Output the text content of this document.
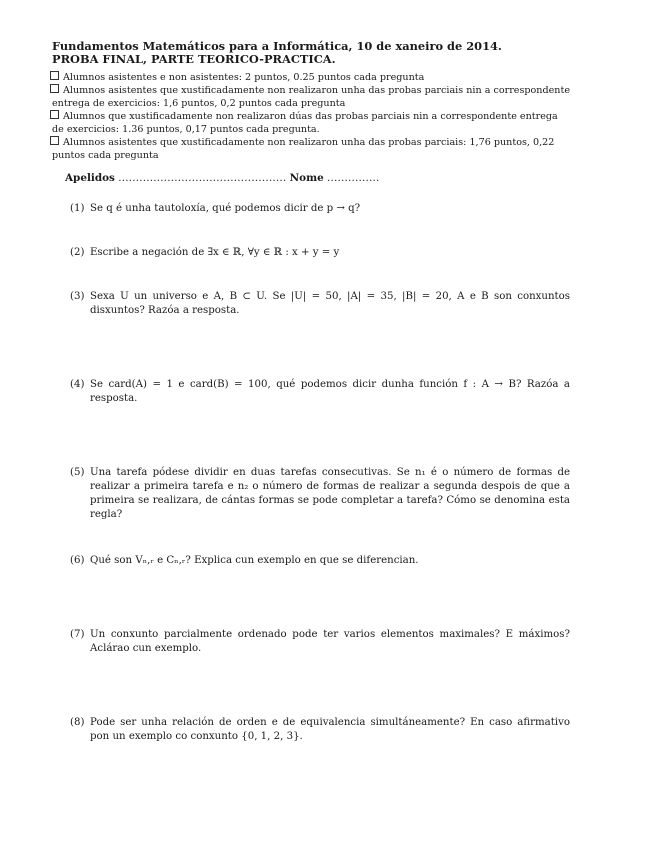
Fundamentos Matemáticos para a Informática, 10 de xaneiro de 2014.
PROBA FINAL, PARTE TEORICO-PRACTICA.
Alumnos asistentes e non asistentes: 2 puntos, 0.25 puntos cada pregunta
Alumnos asistentes que xustificadamente non realizaron unha das probas parciais nin a correspondente entrega de exercicios: 1,6 puntos, 0,2 puntos cada pregunta
Alumnos que xustificadamente non realizaron dúas das probas parciais nin a correspondente entrega de exercicios: 1.36 puntos, 0,17 puntos cada pregunta.
Alumnos asistentes que xustificadamente non realizaron unha das probas parciais: 1,76 puntos, 0,22 puntos cada pregunta
Apelidos ................................................ Nome ...............
(1) Se q é unha tautoloxía, qué podemos dicir de p → q?
(2) Escribe a negación de ∃x ∈ ℝ, ∀y ∈ ℝ : x + y = y
(3) Sexa U un universo e A, B ⊂ U. Se |U| = 50, |A| = 35, |B| = 20, A e B son conxuntos disxuntos? Razóa a resposta.
(4) Se card(A) = 1 e card(B) = 100, qué podemos dicir dunha función f : A → B? Razóa a resposta.
(5) Una tarefa pódese dividir en duas tarefas consecutivas. Se n₁ é o número de formas de realizar a primeira tarefa e n₂ o número de formas de realizar a segunda despois de que a primeira se realizara, de cántas formas se pode completar a tarefa? Cómo se denomina esta regla?
(6) Qué son Vₙ,ᵣ e Cₙ,ᵣ? Explica cun exemplo en que se diferencian.
(7) Un conxunto parcialmente ordenado pode ter varios elementos maximales? E máximos? Aclárao cun exemplo.
(8) Pode ser unha relación de orden e de equivalencia simultáneamente? En caso afirmativo pon un exemplo co conxunto {0, 1, 2, 3}.
